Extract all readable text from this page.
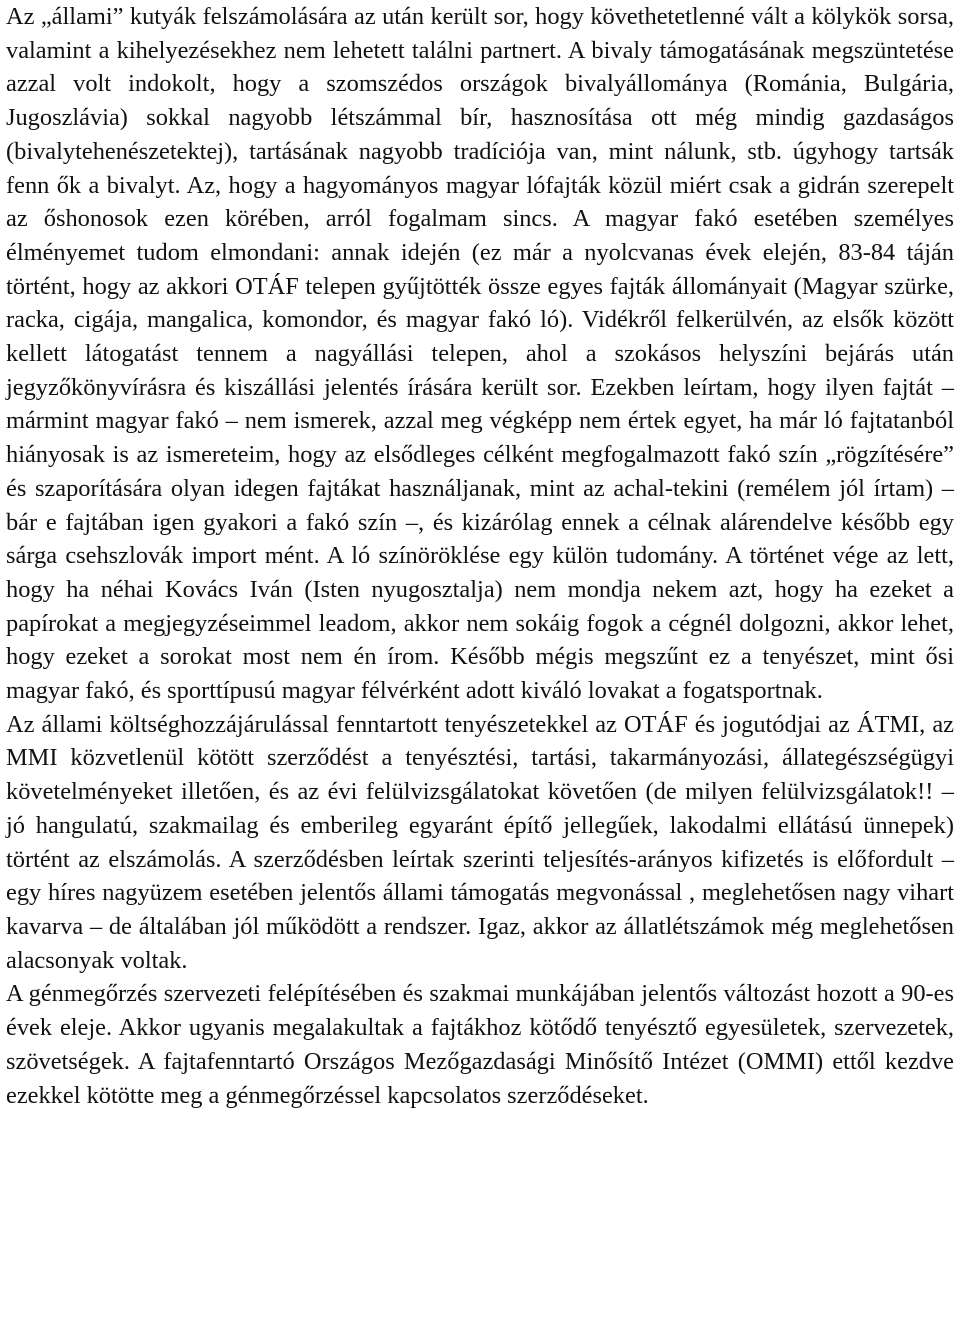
Az „állami” kutyák felszámolására az után került sor, hogy követhetetlenné vált a kölykök sorsa, valamint a kihelyezésekhez nem lehetett találni partnert. A bivaly támogatásának megszüntetése azzal volt indokolt, hogy a szomszédos országok bivalyállománya (Románia, Bulgária, Jugoszlávia) sokkal nagyobb létszámmal bír, hasznosítása ott még mindig gazdaságos (bivalytehenészetektej), tartásának nagyobb tradíciója van, mint nálunk, stb. úgyhogy tartsák fenn ők a bivalyt. Az, hogy a hagyományos magyar lófajták közül miért csak a gidrán szerepelt az őshonosok ezen körében, arról fogalmam sincs. A magyar fakó esetében személyes élményemet tudom elmondani: annak idején (ez már a nyolcvanas évek elején, 83-84 táján történt, hogy az akkori OTÁF telepen gyűjtötték össze egyes fajták állományait (Magyar szürke, racka, cigája, mangalica, komondor, és magyar fakó ló). Vidékről felkerülvén, az elsők között kellett látogatást tennem a nagyállási telepen, ahol a szokásos helyszíni bejárás után jegyzőkönyvírásra és kiszállási jelentés írására került sor. Ezekben leírtam, hogy ilyen fajtát – mármint magyar fakó – nem ismerek, azzal meg végképp nem értek egyet, ha már ló fajtatanból hiányosak is az ismereteim, hogy az elsődleges célként megfogalmazott fakó szín „rögzítésére” és szaporítására olyan idegen fajtákat használjanak, mint az achal-tekini (remélem jól írtam) – bár e fajtában igen gyakori a fakó szín –, és kizárólag ennek a célnak alárendelve később egy sárga csehszlovák import mént. A ló színöröklése egy külön tudomány. A történet vége az lett, hogy ha néhai Kovács Iván (Isten nyugosztalja) nem mondja nekem azt, hogy ha ezeket a papírokat a megjegyzéseimmel leadom, akkor nem sokáig fogok a cégnél dolgozni, akkor lehet, hogy ezeket a sorokat most nem én írom. Később mégis megszűnt ez a tenyészet, mint ősi magyar fakó, és sporttípusú magyar félvérként adott kiváló lovakat a fogatsportnak.

Az állami költséghozzájárulással fenntartott tenyészetekkel az OTÁF és jogutódjai az ÁTMI, az MMI közvetlenül kötött szerződést a tenyésztési, tartási, takarmányozási, állategészségügyi követelményeket illetően, és az évi felülvizsgálatokat követően (de milyen felülvizsgálatok!! – jó hangulatú, szakmailag és emberileg egyaránt építő jellegűek, lakodalmi ellátású ünnepek) történt az elszámolás. A szerződésben leírtak szerinti teljesítés-arányos kifizetés is előfordult – egy híres nagyüzem esetében jelentős állami támogatás megvonással , meglehetősen nagy vihart kavarva – de általában jól működött a rendszer. Igaz, akkor az állatlétszámok még meglehetősen alacsonyak voltak.

A génmegőrzés szervezeti felépítésében és szakmai munkájában jelentős változást hozott a 90-es évek eleje. Akkor ugyanis megalakultak a fajtákhoz kötődő tenyésztő egyesületek, szervezetek, szövetségek. A fajtafenntartó Országos Mezőgazdasági Minősítő Intézet (OMMI) ettől kezdve ezekkel kötötte meg a génmegőrzéssel kapcsolatos szerződéseket.
